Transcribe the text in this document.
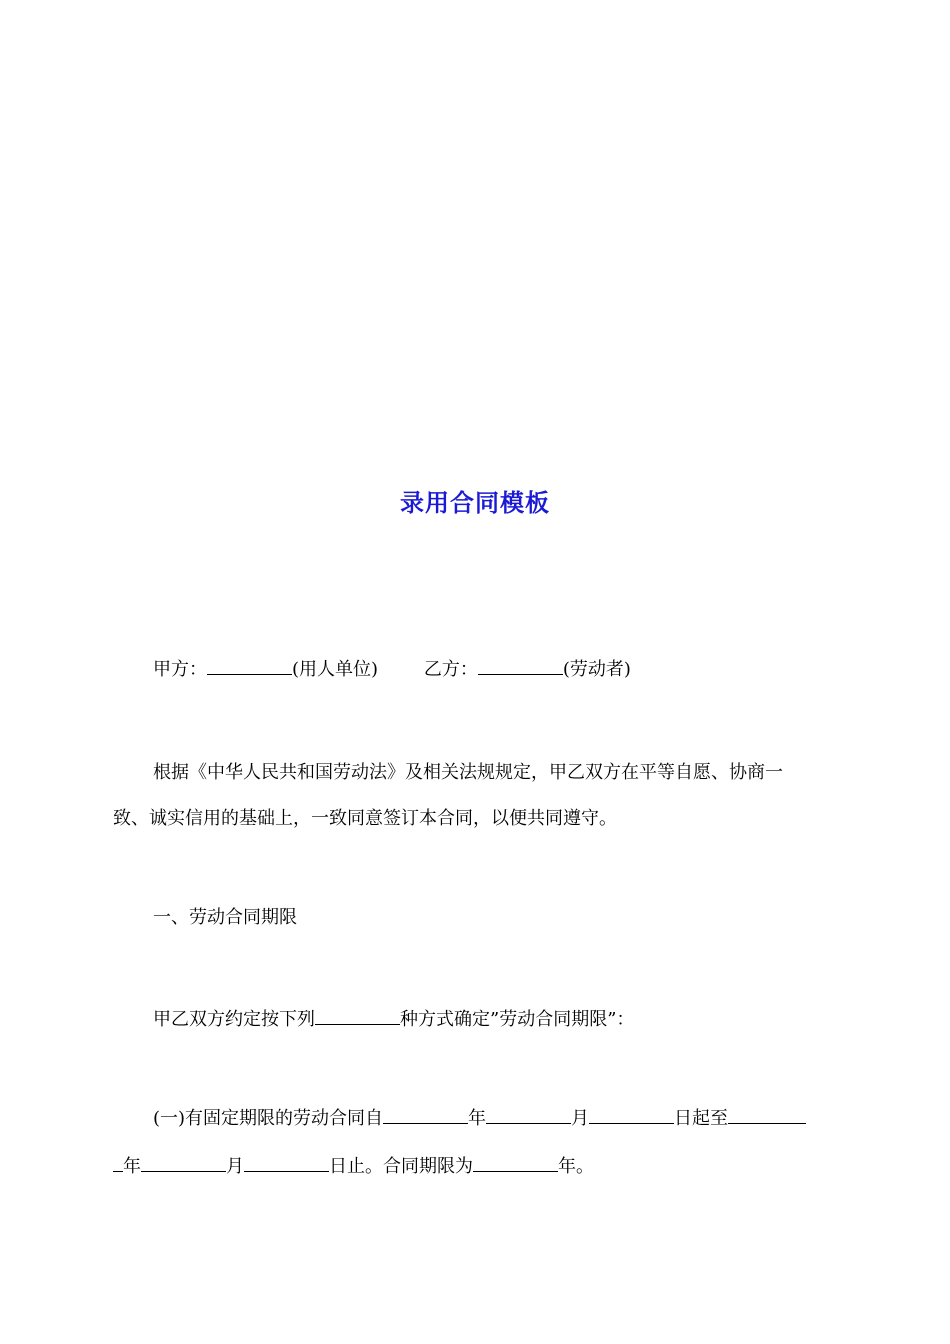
录用合同模板
甲方：	(用人单位)	乙方：	(劳动者)
根据《中华人民共和国劳动法》及相关法规规定，甲乙双方在平等自愿、协商一
致、诚实信用的基础上，一致同意签订本合同，以便共同遵守。
一、劳动合同期限
甲乙双方约定按下列	种方式确定”劳动合同期限”：
(一)有固定期限的劳动合同自	年	月	日起至
年	月	日止。合同期限为	年。
